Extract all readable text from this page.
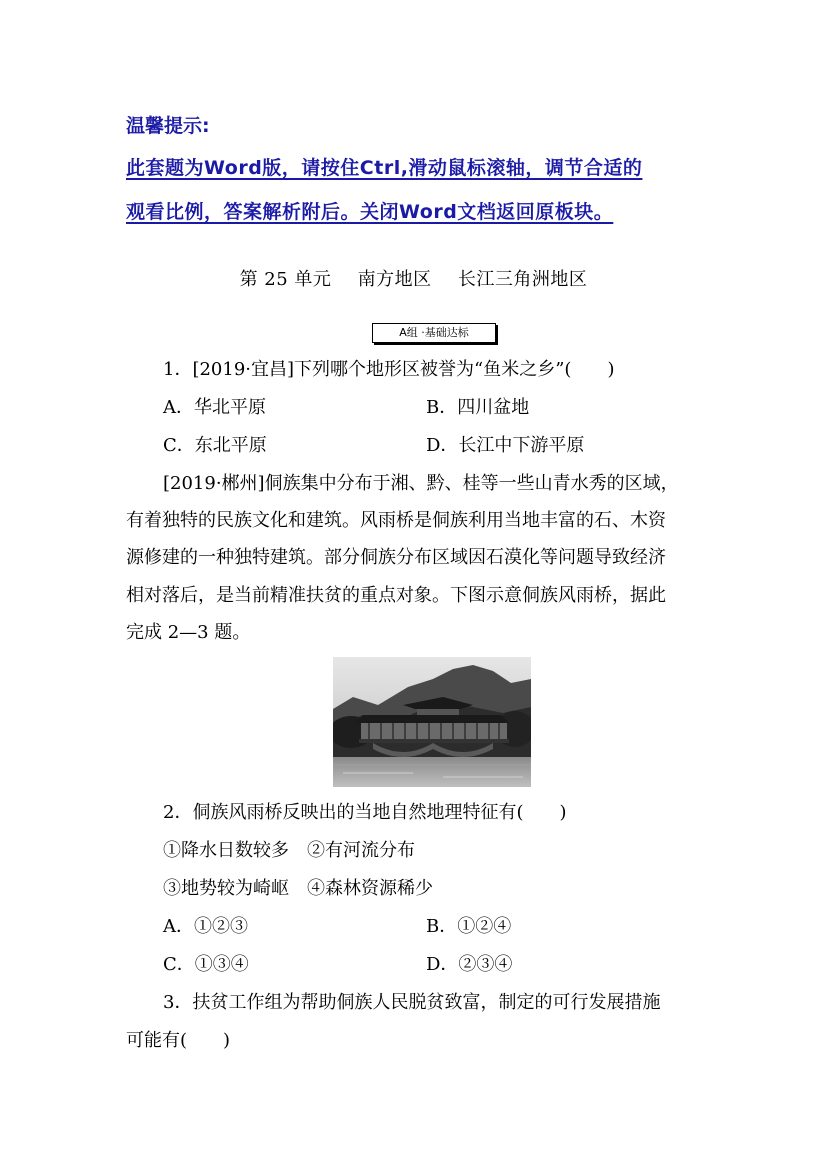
温馨提示:
此套题为Word版，请按住Ctrl,滑动鼠标滚轴，调节合适的
观看比例，答案解析附后。关闭Word文档返回原板块。
第 25 单元 南方地区 长江三角洲地区
A组 ·基础达标
1．[2019·宜昌]下列哪个地形区被誉为“鱼米之乡”(　　)
A．华北平原	B．四川盆地
C．东北平原	D．长江中下游平原
[2019·郴州]侗族集中分布于湘、黔、桂等一些山青水秀的区域，
有着独特的民族文化和建筑。风雨桥是侗族利用当地丰富的石、木资
源修建的一种独特建筑。部分侗族分布区域因石漠化等问题导致经济
相对落后，是当前精准扶贫的重点对象。下图示意侗族风雨桥，据此
完成 2—3 题。
2．侗族风雨桥反映出的当地自然地理特征有(　　)
①降水日数较多　②有河流分布
③地势较为崎岖　④森林资源稀少
A．①②③	B．①②④
C．①③④	D．②③④
3．扶贫工作组为帮助侗族人民脱贫致富，制定的可行发展措施
可能有(　　)
